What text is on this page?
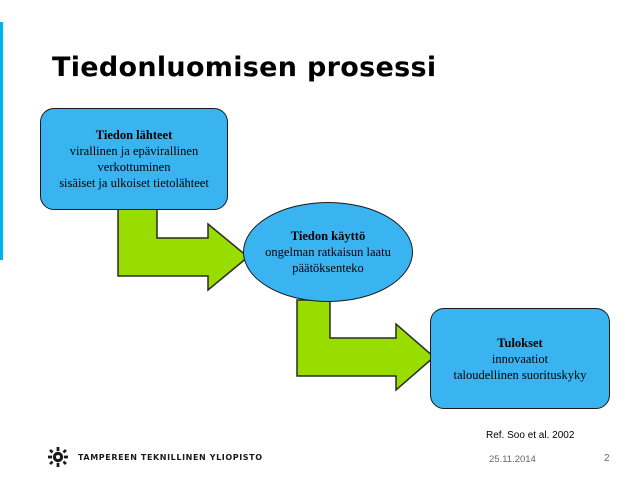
Tiedonluomisen prosessi
Tiedon lähteet
virallinen ja epävirallinen
verkottuminen
sisäiset ja ulkoiset tietolähteet
Tiedon käyttö
ongelman ratkaisun laatu
päätöksenteko
Tulokset
innovaatiot
taloudellinen suorituskyky
Ref. Soo et al. 2002
TAMPEREEN TEKNILLINEN YLIOPISTO	25.11.2014	2
